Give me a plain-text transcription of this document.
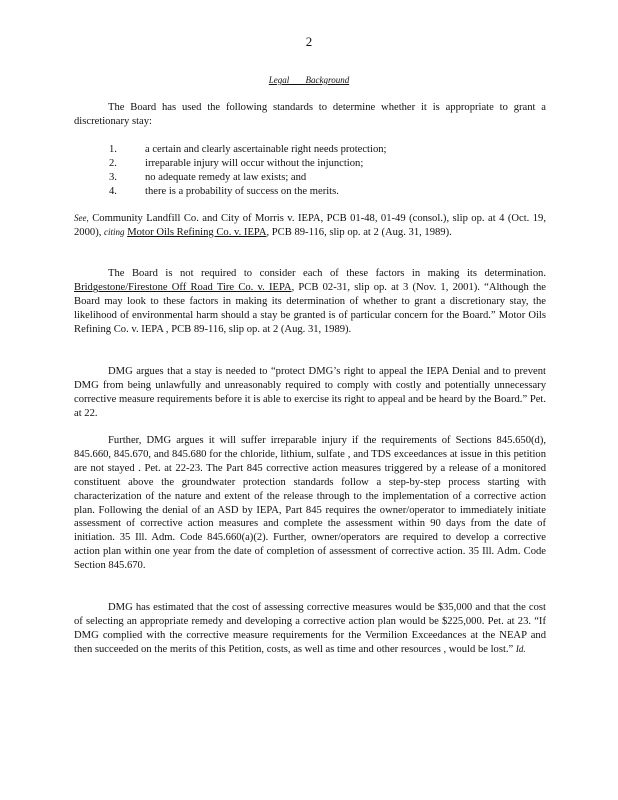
2
Legal Background

The Board has used the following standards to determine whether it is appropriate to grant a discretionary stay:

1.	a certain and clearly ascertainable right needs protection;
2.	irreparable injury will occur without the injunction;
3.	no adequate remedy at law exists; and
4.	there is a probability of success on the merits.

See, Community Landfill Co. and City of Morris v. IEPA, PCB 01-48, 01-49 (consol.), slip op. at 4 (Oct. 19, 2000), citing Motor Oils Refining Co. v. IEPA, PCB 89-116, slip op. at 2 (Aug. 31, 1989).

The Board is not required to consider each of these factors in making its determination. Bridgestone/Firestone Off Road Tire Co. v. IEPA, PCB 02-31, slip op. at 3 (Nov. 1, 2001). “Although the Board may look to these factors in making its determination of whether to grant a discretionary stay, the likelihood of environmental harm should a stay be granted is of particular concern for the Board.” Motor Oils Refining Co. v. IEPA , PCB 89-116, slip op. at 2 (Aug. 31, 1989).

DMG argues that a stay is needed to “protect DMG’s right to appeal the IEPA Denial and to prevent DMG from being unlawfully and unreasonably required to comply with costly and potentially unnecessary corrective measure requirements before it is able to exercise its right to appeal and be heard by the Board.” Pet. at 22.

Further, DMG argues it will suffer irreparable injury if the requirements of Sections 845.650(d), 845.660, 845.670, and 845.680 for the chloride, lithium, sulfate , and TDS exceedances at issue in this petition are not stayed . Pet. at 22-23. The Part 845 corrective action measures triggered by a release of a monitored constituent above the groundwater protection standards follow a step-by-step process starting with characterization of the nature and extent of the release through to the implementation of a corrective action plan. Following the denial of an ASD by IEPA, Part 845 requires the owner/operator to immediately initiate assessment of corrective action measures and complete the assessment within 90 days from the date of initiation. 35 Ill. Adm. Code 845.660(a)(2). Further, owner/operators are required to develop a corrective action plan within one year from the date of completion of assessment of corrective action. 35 Ill. Adm. Code Section 845.670.

DMG has estimated that the cost of assessing corrective measures would be $35,000 and that the cost of selecting an appropriate remedy and developing a corrective action plan would be $225,000. Pet. at 23. “If DMG complied with the corrective measure requirements for the Vermilion Exceedances at the NEAP and then succeeded on the merits of this Petition, costs, as well as time and other resources , would be lost.” Id.
